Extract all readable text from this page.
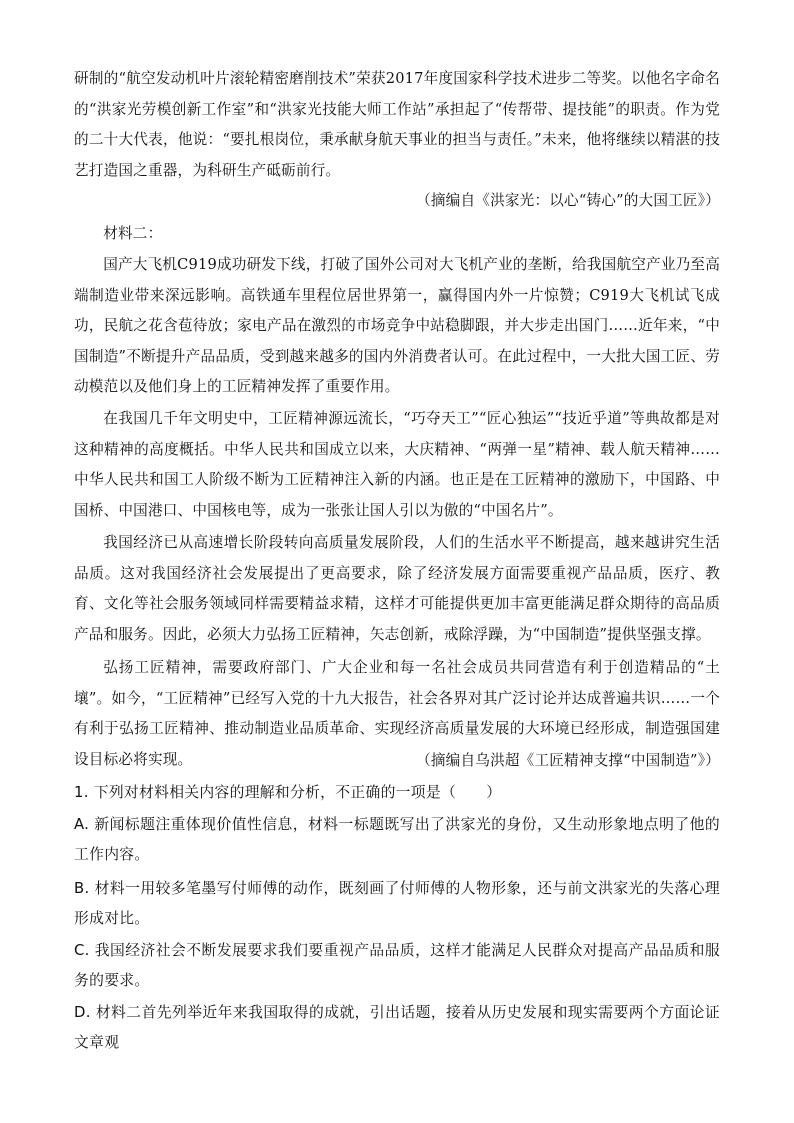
研制的“航空发动机叶片滚轮精密磨削技术”荣获2017年度国家科学技术进步二等奖。以他名字命名的“洪家光劳模创新工作室”和“洪家光技能大师工作站”承担起了“传帮带、提技能”的职责。作为党的二十大代表，他说：“要扎根岗位，秉承献身航天事业的担当与责任。”未来，他将继续以精湛的技艺打造国之重器，为科研生产砥砺前行。

（摘编自《洪家光：以心“铸心”的大国工匠》）

材料二：

国产大飞机C919成功研发下线，打破了国外公司对大飞机产业的垄断，给我国航空产业乃至高端制造业带来深远影响。高铁通车里程位居世界第一，赢得国内外一片惊赞；C919大飞机试飞成功，民航之花含苞待放；家电产品在激烈的市场竞争中站稳脚跟，并大步走出国门……近年来，“中国制造”不断提升产品品质，受到越来越多的国内外消费者认可。在此过程中，一大批大国工匠、劳动模范以及他们身上的工匠精神发挥了重要作用。

在我国几千年文明史中，工匠精神源远流长，“巧夺天工”“匠心独运”“技近乎道”等典故都是对这种精神的高度概括。中华人民共和国成立以来，大庆精神、“两弹一星”精神、载人航天精神……中华人民共和国工人阶级不断为工匠精神注入新的内涵。也正是在工匠精神的激励下，中国路、中国桥、中国港口、中国核电等，成为一张张让国人引以为傲的“中国名片”。

我国经济已从高速增长阶段转向高质量发展阶段，人们的生活水平不断提高，越来越讲究生活品质。这对我国经济社会发展提出了更高要求，除了经济发展方面需要重视产品品质，医疗、教育、文化等社会服务领域同样需要精益求精，这样才可能提供更加丰富更能满足群众期待的高品质产品和服务。因此，必须大力弘扬工匠精神，矢志创新，戒除浮躁，为“中国制造”提供坚强支撑。

弘扬工匠精神，需要政府部门、广大企业和每一名社会成员共同营造有利于创造精品的“土壤”。如今，“工匠精神”已经写入党的十九大报告，社会各界对其广泛讨论并达成普遍共识……一个有利于弘扬工匠精神、推动制造业品质革命、实现经济高质量发展的大环境已经形成，制造强国建设目标必将实现。	（摘编自乌洪超《工匠精神支撑“中国制造”》）

1. 下列对材料相关内容的理解和分析，不正确的一项是（　　）

A. 新闻标题注重体现价值性信息，材料一标题既写出了洪家光的身份，又生动形象地点明了他的工作内容。

B. 材料一用较多笔墨写付师傅的动作，既刻画了付师傅的人物形象，还与前文洪家光的失落心理形成对比。

C. 我国经济社会不断发展要求我们要重视产品品质，这样才能满足人民群众对提高产品品质和服务的要求。

D. 材料二首先列举近年来我国取得的成就，引出话题，接着从历史发展和现实需要两个方面论证文章观
